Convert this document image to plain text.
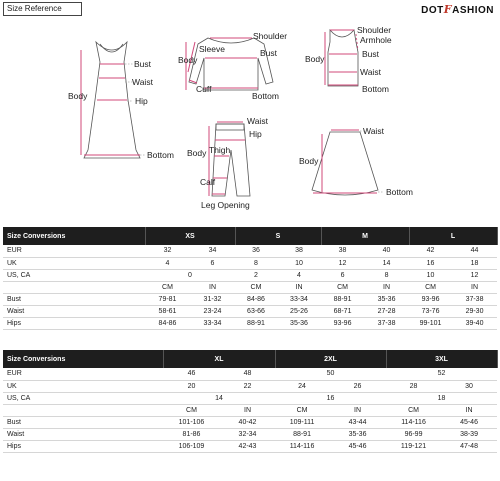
Size Reference	DOTFASHION
Bust
Waist
Body	Hip
Bottom
Shoulder
Sleeve	Bust
Body
Cuff
Bottom
Shoulder
Armhole
Bust
Body
Waist
Bottom
Waist
Hip
Body Thigh
Calf
Leg Opening
Waist
Body
Bottom
Size Conversions	XS		S		M		L	
EUR	32	34	36	38	38	40	42	44
UK	4	6	8	10	12	14	16	18
US, CA	0		2	4	6	8	10	12
	CM	IN	CM	IN	CM	IN	CM	IN
Bust	79-81	31-32	84-86	33-34	88-91	35-36	93-96	37-38
Waist	58-61	23-24	63-66	25-26	68-71	27-28	73-76	29-30
Hips	84-86	33-34	88-91	35-36	93-96	37-38	99-101	39-40
Size Conversions	XL		2XL		3XL	
EUR	46	48	50		52	
UK	20	22	24	26	28	30
US, CA	14		16		18	
	CM	IN	CM	IN	CM	IN
Bust	101-106	40-42	109-111	43-44	114-116	45-46
Waist	81-86	32-34	88-91	35-36	96-99	38-39
Hips	106-109	42-43	114-116	45-46	119-121	47-48
